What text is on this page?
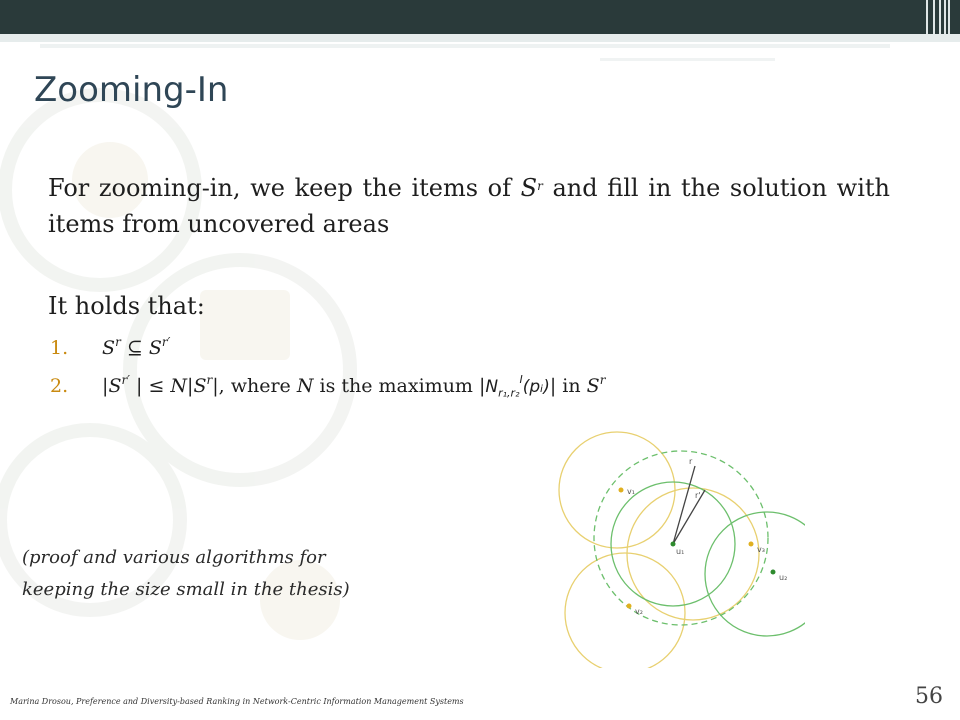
Zooming-In

For zooming-in, we keep the items of $S^r$ and fill in the solution with items from uncovered areas

It holds that:

1. $S^r$ ⊆ $S^{r'}$
2. $|S^{r'}$ | ≤ $N|S^r|$, where N is the maximum $|N_{r_1,r_2}^I(pᵢ)|$ in $S^r$
v₁
v₃
v₂
u₁
u₂
r
r'

(proof and various algorithms for
keeping the size small in the thesis)

Marina Drosou, Preference and Diversity-based Ranking in Network-Centric Information Management Systems	56
